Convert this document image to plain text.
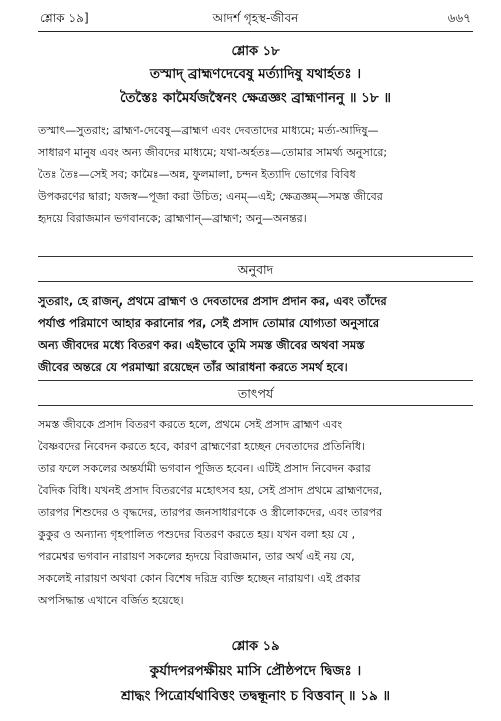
শ্লোক ১৯]	আদর্শ গৃহস্থ-জীবন	৬৬৭
শ্লোক ১৮
তস্মাদ্ ব্রাহ্মণদেবেষু মর্ত্যাদিষু যথার্হতঃ ।
তৈস্তৈঃ কামৈর্যজস্বৈনং ক্ষেত্রজ্ঞং ব্রাহ্মণাননু ॥ ১৮ ॥
তস্মাৎ—সুতরাং; ব্রাহ্মণ-দেবেষু—ব্রাহ্মণ এবং দেবতাদের মাধ্যমে; মর্ত্য-আদিষু—
সাধারণ মানুষ এবং অন্য জীবদের মাধ্যমে; যথা-অর্হতঃ—তোমার সামর্থ্য অনুসারে;
তৈঃ তৈঃ—সেই সব; কামৈঃ—অন্ন, ফুলমালা, চন্দন ইত্যাদি ভোগের বিবিধ
উপকরণের দ্বারা; যজস্ব—পূজা করা উচিত; এনম্—এই; ক্ষেত্রজ্ঞম্—সমস্ত জীবের
হৃদয়ে বিরাজমান ভগবানকে; ব্রাহ্মণান্—ব্রাহ্মণ; অনু—অনন্তর।
অনুবাদ
সুতরাং, হে রাজন্, প্রথমে ব্রাহ্মণ ও দেবতাদের প্রসাদ প্রদান কর, এবং তাঁদের
পর্যাপ্ত পরিমাণে আহার করানোর পর, সেই প্রসাদ তোমার যোগ্যতা অনুসারে
অন্য জীবদের মধ্যে বিতরণ কর। এইভাবে তুমি সমস্ত জীবের অথবা সমস্ত
জীবের অন্তরে যে পরমাত্মা রয়েছেন তাঁর আরাধনা করতে সমর্থ হবে।
তাৎপর্য
সমস্ত জীবকে প্রসাদ বিতরণ করতে হলে, প্রথমে সেই প্রসাদ ব্রাহ্মণ এবং
বৈষ্ণবদের নিবেদন করতে হবে, কারণ ব্রাহ্মণেরা হচ্ছেন দেবতাদের প্রতিনিধি।
তার ফলে সকলের অন্তর্যামী ভগবান পূজিত হবেন। এটিই প্রসাদ নিবেদন করার
বৈদিক বিধি। যখনই প্রসাদ বিতরণের মহোৎসব হয়, সেই প্রসাদ প্রথমে ব্রাহ্মণদের,
তারপর শিশুদের ও বৃদ্ধদের, তারপর জনসাধারণকে ও স্ত্রীলোকদের, এবং তারপর
কুকুর ও অন্যান্য গৃহপালিত পশুদের বিতরণ করতে হয়। যখন বলা হয় যে ,
পরমেশ্বর ভগবান নারায়ণ সকলের হৃদয়ে বিরাজমান, তার অর্থ এই নয় যে,
সকলেই নারায়ণ অথবা কোন বিশেষ দরিদ্র ব্যক্তি হচ্ছেন নারায়ণ। এই প্রকার
অপসিদ্ধান্ত এখানে বর্জিত হয়েছে।
শ্লোক ১৯
কুর্যাদপরপক্ষীয়ং মাসি প্রৌষ্ঠপদে দ্বিজঃ ।
শ্রাদ্ধং পিত্রোর্যথাবিত্তং তদ্বন্ধূনাং চ বিত্তবান্ ॥ ১৯ ॥
